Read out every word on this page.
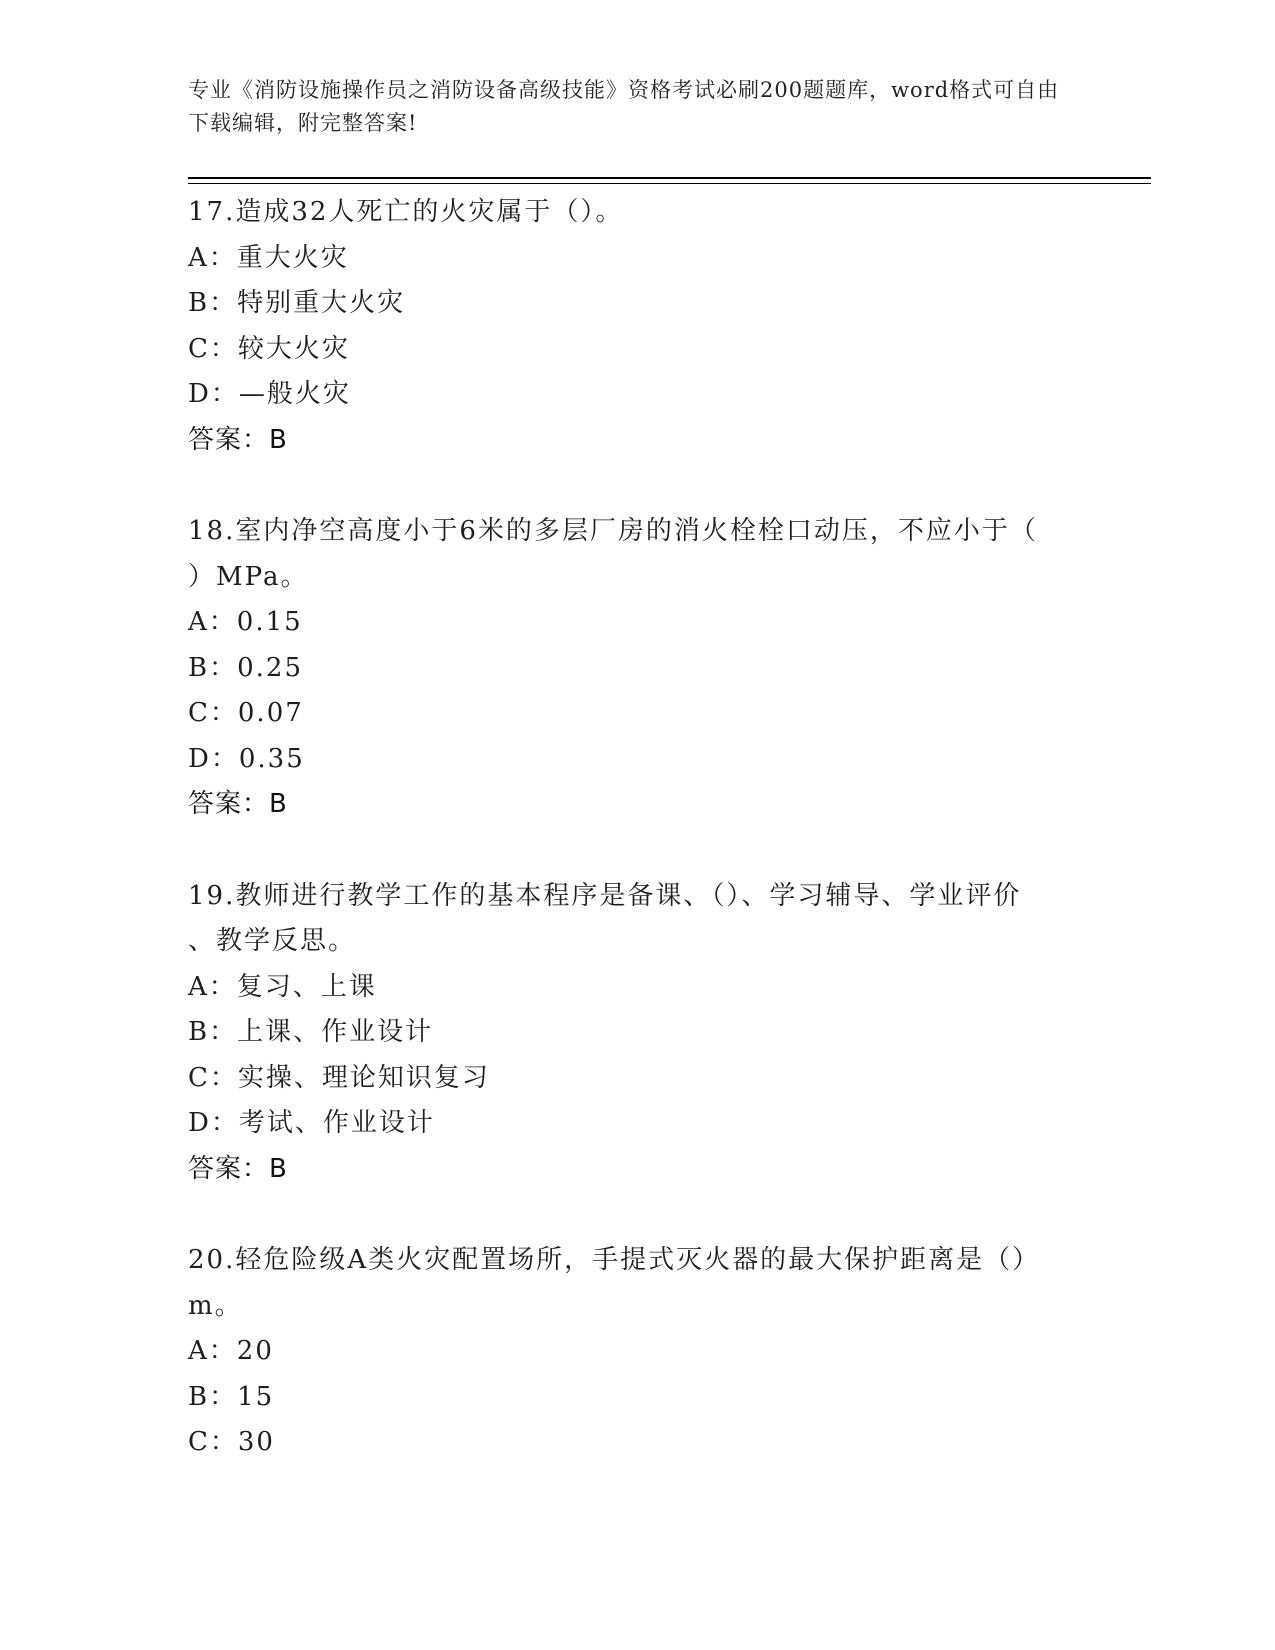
专业《消防设施操作员之消防设备高级技能》资格考试必刷200题题库，word格式可自由下载编辑，附完整答案!
17.造成32人死亡的火灾属于（）。
A：重大火灾
B：特别重大火灾
C：较大火灾
D：—般火灾
答案：B
18.室内净空高度小于6米的多层厂房的消火栓栓口动压，不应小于（
）MPa。
A：0.15
B：0.25
C：0.07
D：0.35
答案：B
19.教师进行教学工作的基本程序是备课、（）、学习辅导、学业评价
、教学反思。
A：复习、上课
B：上课、作业设计
C：实操、理论知识复习
D：考试、作业设计
答案：B
20.轻危险级A类火灾配置场所，手提式灭火器的最大保护距离是（）
m。
A：20
B：15
C：30
